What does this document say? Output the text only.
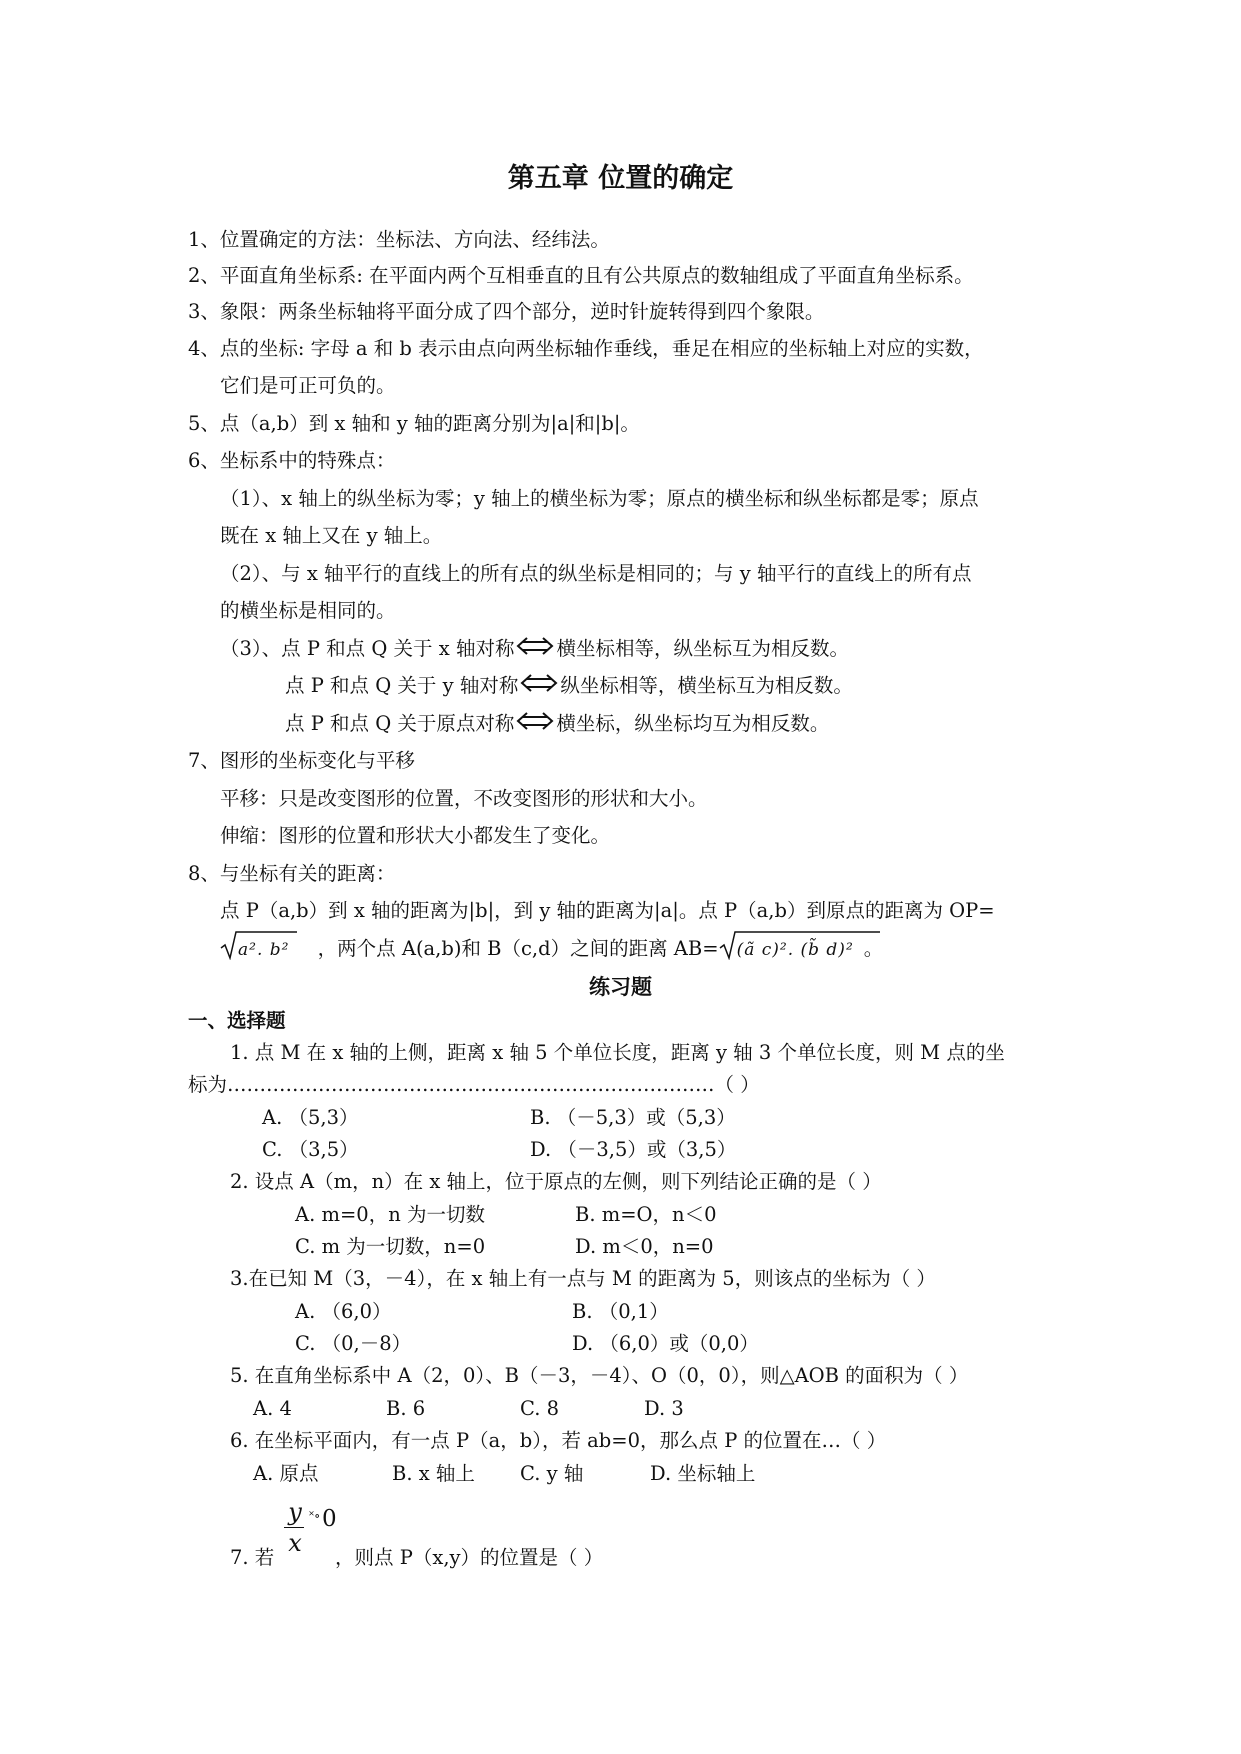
第五章 位置的确定
1、位置确定的方法：坐标法、方向法、经纬法。
2、平面直角坐标系: 在平面内两个互相垂直的且有公共原点的数轴组成了平面直角坐标系。
3、象限：两条坐标轴将平面分成了四个部分，逆时针旋转得到四个象限。
4、点的坐标: 字母 a 和 b 表示由点向两坐标轴作垂线，垂足在相应的坐标轴上对应的实数，
它们是可正可负的。
5、点（a,b）到 x 轴和 y 轴的距离分别为|a|和|b|。
6、坐标系中的特殊点：
（1）、x 轴上的纵坐标为零；y 轴上的横坐标为零；原点的横坐标和纵坐标都是零；原点
既在 x 轴上又在 y 轴上。
（2）、与 x 轴平行的直线上的所有点的纵坐标是相同的；与 y 轴平行的直线上的所有点
的横坐标是相同的。
（3）、点 P 和点 Q 关于 x 轴对称 横坐标相等，纵坐标互为相反数。
点 P 和点 Q 关于 y 轴对称 纵坐标相等，横坐标互为相反数。
点 P 和点 Q 关于原点对称 横坐标，纵坐标均互为相反数。
7、图形的坐标变化与平移
平移：只是改变图形的位置，不改变图形的形状和大小。
伸缩：图形的位置和形状大小都发生了变化。
8、与坐标有关的距离：
点 P（a,b）到 x 轴的距离为|b|，到 y 轴的距离为|a|。点 P（a,b）到原点的距离为 OP=
a². b² ，两个点 A(a,b)和 B（c,d）之间的距离 AB= (ã c)². (b̃ d)² 。
练习题
一、选择题
1. 点 M 在 x 轴的上侧，距离 x 轴 5 个单位长度，距离 y 轴 3 个单位长度，则 M 点的坐
标为…………………………………………………………………（ ）
A. （5,3）	B. （－5,3）或（5,3）
C. （3,5）	D. （－3,5）或（3,5）
2. 设点 A（m，n）在 x 轴上，位于原点的左侧，则下列结论正确的是（ ）
A. m=0，n 为一切数	B. m=O，n＜0
C. m 为一切数，n=0	D. m＜0，n=0
3.在已知 M（3，－4），在 x 轴上有一点与 M 的距离为 5，则该点的坐标为（ ）
A. （6,0）	B. （0,1）
C. （0,－8）	D. （6,0）或（0,0）
5. 在直角坐标系中 A（2，0）、B（－3，－4）、O（0，0），则△AOB 的面积为（ ）
A. 4	B. 6	C. 8	D. 3
6. 在坐标平面内，有一点 P（a，b），若 ab=0，那么点 P 的位置在…（ ）
A. 原点	B. x 轴上 C. y 轴	D. 坐标轴上
y
x
˟∘ 0
7. 若	，则点 P（x,y）的位置是（ ）
